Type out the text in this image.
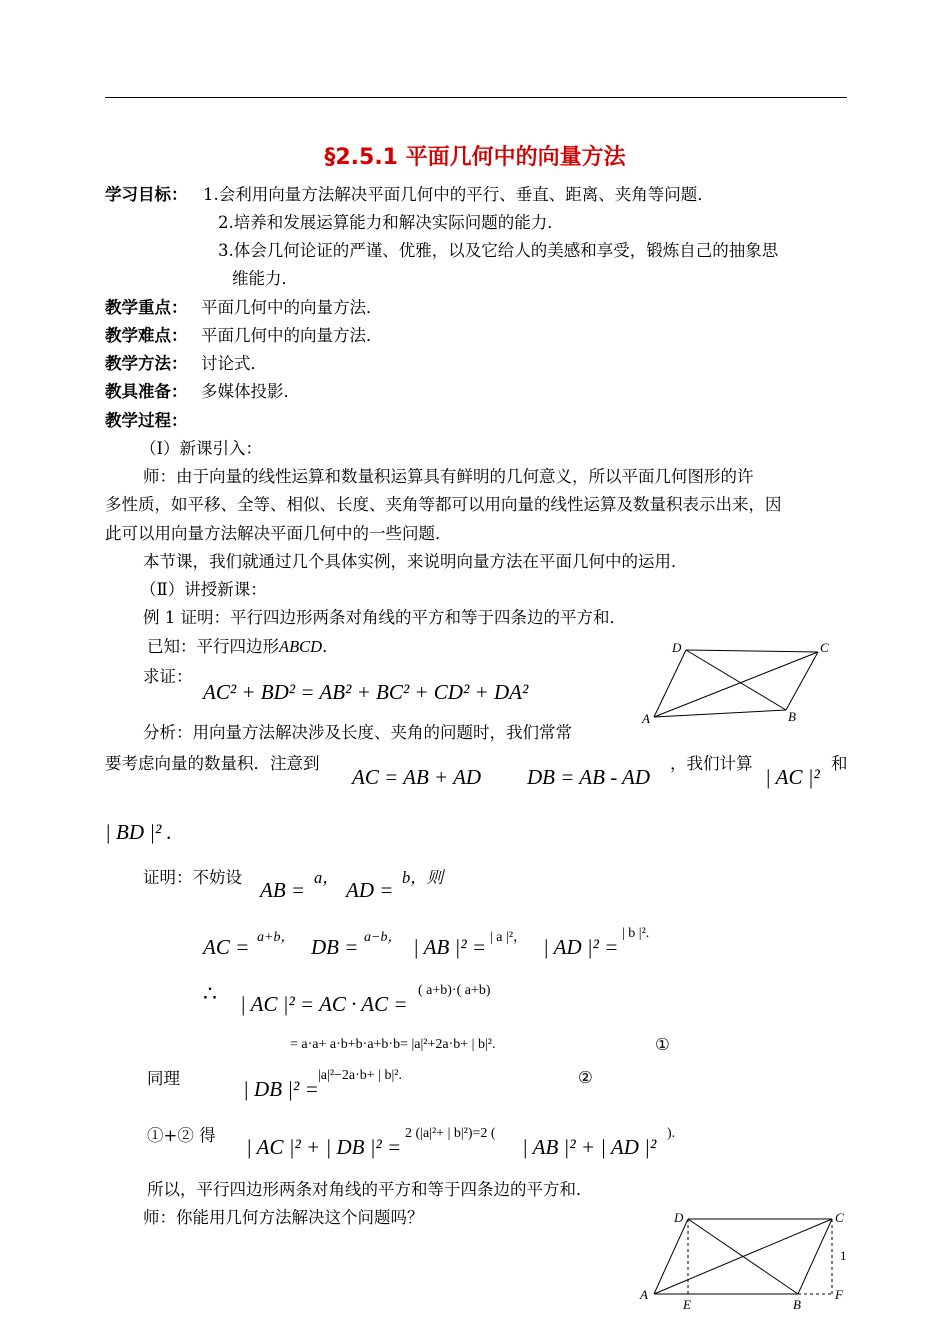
§2.5.1 平面几何中的向量方法
学习目标： 1.会利用向量方法解决平面几何中的平行、垂直、距离、夹角等问题．
2.培养和发展运算能力和解决实际问题的能力．
3.体会几何论证的严谨、优雅，以及它给人的美感和享受，锻炼自己的抽象思
维能力．
教学重点： 平面几何中的向量方法．
教学难点： 平面几何中的向量方法．
教学方法： 讨论式．
教具准备： 多媒体投影．
教学过程：
（Ⅰ）新课引入：
师：由于向量的线性运算和数量积运算具有鲜明的几何意义，所以平面几何图形的许
多性质，如平移、全等、相似、长度、夹角等都可以用向量的线性运算及数量积表示出来，因
此可以用向量方法解决平面几何中的一些问题．
本节课，我们就通过几个具体实例，来说明向量方法在平面几何中的运用．
（Ⅱ）讲授新课：
例 1 证明：平行四边形两条对角线的平方和等于四条边的平方和．
已知：平行四边形ABCD．
求证：
AC² + BD² = AB² + BC² + CD² + DA²
分析：用向量方法解决涉及长度、夹角的问题时，我们常常
要考虑向量的数量积．注意到
AC = AB + AD DB = AB - AD
，我们计算
| AC |²
和
| BD |² .
证明：不妨设
AB =
a，
AD =
b，则
AC = a+b， DB = a−b， | AB |² = | a |²， | AD |² =
| b |².
∴ | AC |² = AC · AC =
( a+b)·( a+b)
= a·a+ a·b+b·a+b·b= |a|²+2a·b+ | b|².	①
同理	| DB |² =
|a|²−2a·b+ | b|².	②
①+② 得 | AC |² + | DB |² =
2 (|a|²+ | b|²)=2 (
| AB |² + | AD |²
).
所以，平行四边形两条对角线的平方和等于四条边的平方和．
师：你能用几何方法解决这个问题吗？
A	B
C
D
A
B
C
D
E
F
1
